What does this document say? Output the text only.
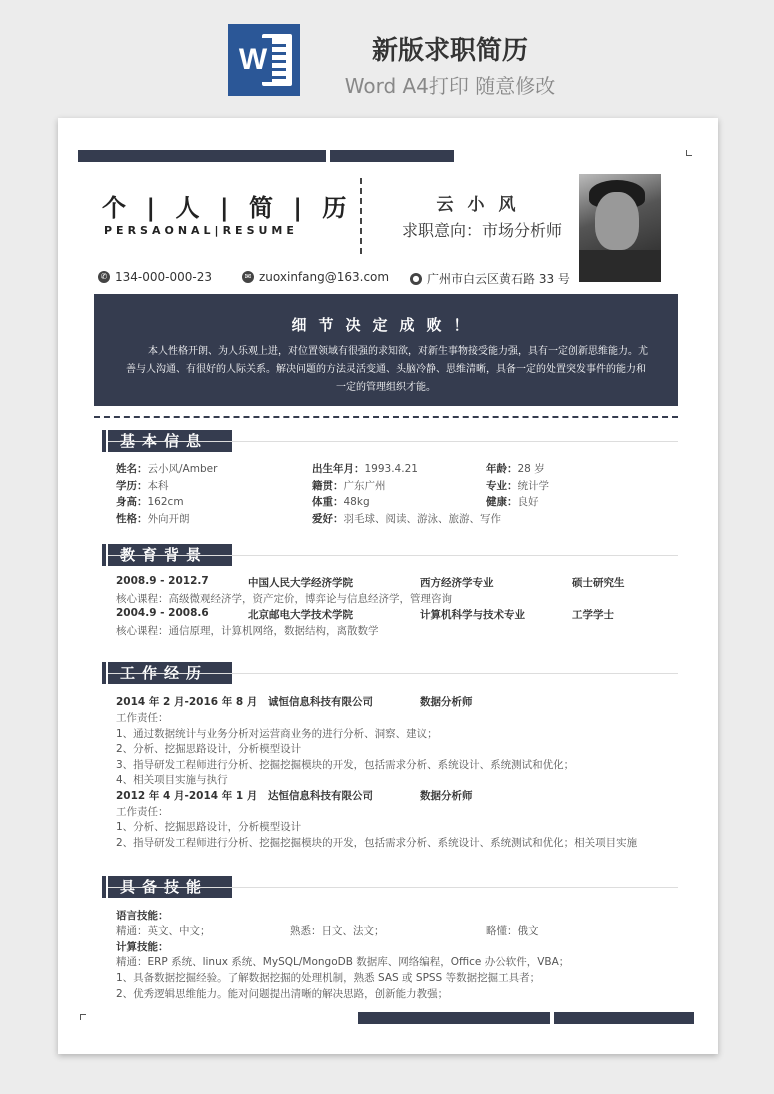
W	新版求职简历
Word A4打印 随意修改
个 | 人 | 简 | 历
PERSAONAL|RESUME
云小风
求职意向：市场分析师
✆ 134-000-000-23	✉ zuoxinfang@163.com	● 广州市白云区黄石路 33 号
细节决定成败！

本人性格开朗、为人乐观上进，对位置领域有很强的求知欲，对新生事物接受能力强，具有一定创新思维能力。尤善与人沟通、有很好的人际关系。解决问题的方法灵活变通、头脑冷静、思维清晰，具备一定的处置突发事件的能力和一定的管理组织才能。

基本信息
姓名：云小风/Amber	出生年月：1993.4.21	年龄：28 岁
学历：本科	籍贯：广东广州	专业：统计学
身高：162cm	体重：48kg	健康：良好
性格：外向开朗	爱好：羽毛球、阅读、游泳、旅游、写作
教育背景
2008.9 - 2012.7	中国人民大学经济学院	西方经济学专业	硕士研究生
核心课程：高级微观经济学，资产定价，博弈论与信息经济学，管理咨询
2004.9 - 2008.6	北京邮电大学技术学院	计算机科学与技术专业	工学学士
核心课程：通信原理，计算机网络，数据结构，离散数学
工作经历
2014 年 2 月-2016 年 8 月 诚恒信息科技有限公司	数据分析师
工作责任：
1、通过数据统计与业务分析对运营商业务的进行分析、洞察、建议；
2、分析、挖掘思路设计，分析模型设计
3、指导研发工程师进行分析、挖掘挖掘模块的开发，包括需求分析、系统设计、系统测试和优化；
4、相关项目实施与执行
2012 年 4 月-2014 年 1 月 达恒信息科技有限公司	数据分析师
工作责任：
1、分析、挖掘思路设计，分析模型设计
2、指导研发工程师进行分析、挖掘挖掘模块的开发，包括需求分析、系统设计、系统测试和优化；相关项目实施
具备技能
语言技能：
精通：英文、中文；	熟悉：日文、法文；	略懂：俄文
计算技能：
精通：ERP 系统、linux 系统、MySQL/MongoDB 数据库、网络编程，Office 办公软件，VBA；
1、具备数据挖掘经验。了解数据挖掘的处理机制，熟悉 SAS 或 SPSS 等数据挖掘工具者；
2、优秀逻辑思维能力。能对问题提出清晰的解决思路，创新能力教强；
